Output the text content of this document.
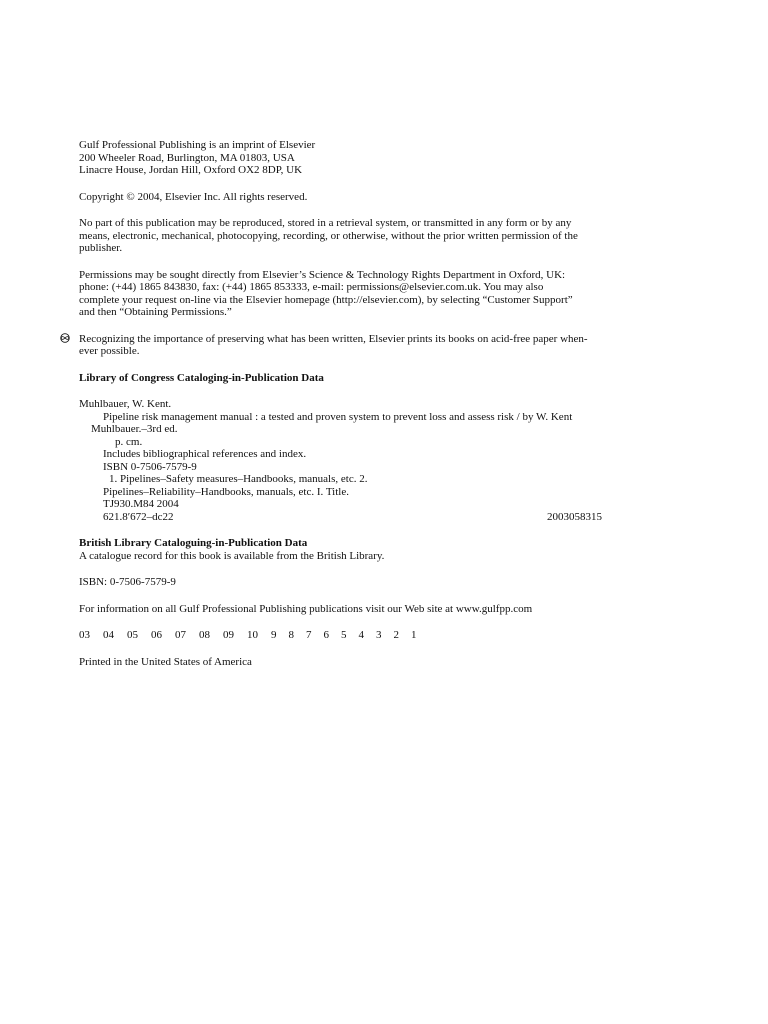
Gulf Professional Publishing is an imprint of Elsevier
200 Wheeler Road, Burlington, MA 01803, USA
Linacre House, Jordan Hill, Oxford OX2 8DP, UK
Copyright © 2004, Elsevier Inc. All rights reserved.
No part of this publication may be reproduced, stored in a retrieval system, or transmitted in any form or by any
means, electronic, mechanical, photocopying, recording, or otherwise, without the prior written permission of the
publisher.
Permissions may be sought directly from Elsevier’s Science & Technology Rights Department in Oxford, UK:
phone: (+44) 1865 843830, fax: (+44) 1865 853333, e-mail: permissions@elsevier.com.uk. You may also
complete your request on-line via the Elsevier homepage (http://elsevier.com), by selecting “Customer Support”
and then “Obtaining Permissions.”
Recognizing the importance of preserving what has been written, Elsevier prints its books on acid-free paper when-
ever possible.
Library of Congress Cataloging-in-Publication Data
Muhlbauer, W. Kent.
Pipeline risk management manual : a tested and proven system to prevent loss and assess risk / by W. Kent
Muhlbauer.–3rd ed.
p. cm.
Includes bibliographical references and index.
ISBN 0-7506-7579-9
1. Pipelines–Safety measures–Handbooks, manuals, etc. 2.
Pipelines–Reliability–Handbooks, manuals, etc. I. Title.
TJ930.M84 2004
621.8′672–dc22	2003058315
British Library Cataloguing-in-Publication Data
A catalogue record for this book is available from the British Library.
ISBN: 0-7506-7579-9
For information on all Gulf Professional Publishing publications visit our Web site at www.gulfpp.com
03 04 05 06 07 08 09 10 9 8 7 6 5 4 3 2 1
Printed in the United States of America
